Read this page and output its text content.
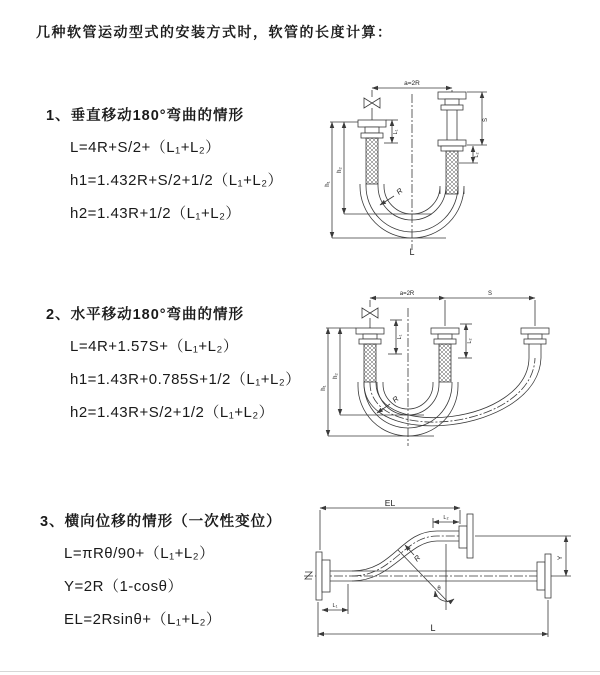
几种软管运动型式的安装方式时，软管的长度计算：
1、垂直移动180°弯曲的情形
L=4R+S/2+（L₁+L₂）
h1=1.432R+S/2+1/2（L₁+L₂）
h2=1.43R+1/2（L₁+L₂）
a=2R
h₁
h₂
L₁
S
L₂
R
L
2、水平移动180°弯曲的情形
L=4R+1.57S+（L₁+L₂）
h1=1.43R+0.785S+1/2（L₁+L₂）
h2=1.43R+S/2+1/2（L₁+L₂）
a=2R	S
h₁
h₂
L₁
L₂
R
3、横向位移的情形（一次性变位）
L=πRθ/90+（L₁+L₂）
Y=2R（1-cosθ）
EL=2Rsinθ+（L₁+L₂）
EL
L₂
Y
L
L₁
R
θ
